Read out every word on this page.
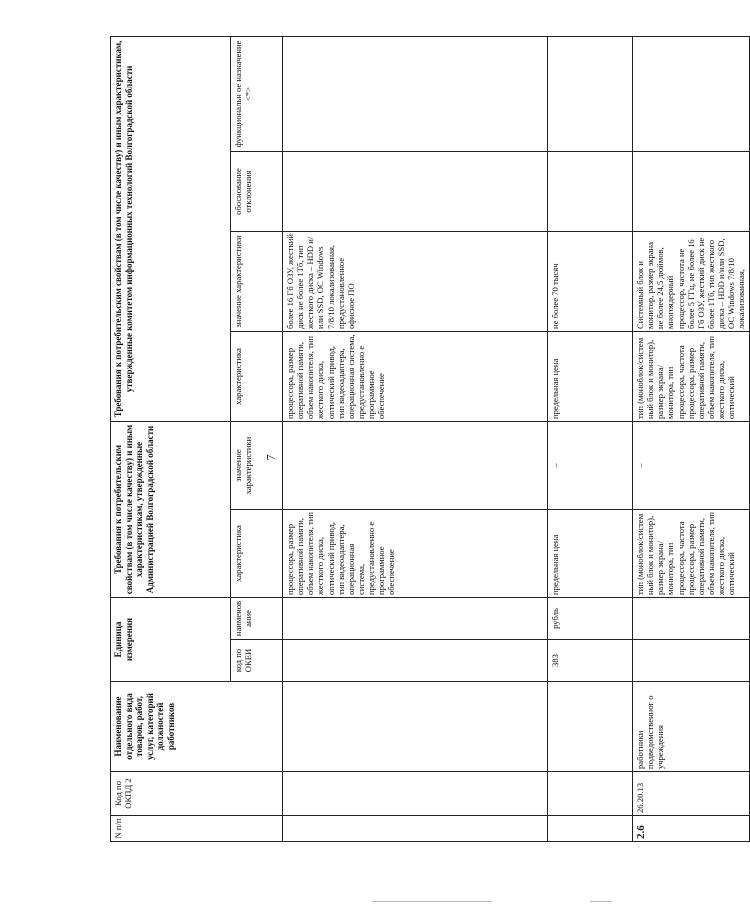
7
N п/п	Код по ОКПД 2	Наименование отдельного вида товаров, работ, услуг, категорий должностей работников	Единица измерения		Требования к потребительским свойствам (в том числе качеству) и иным характеристикам, утвержденные Администрацией Волгоградской области		Требования к потребительским свойствам (в том числе качеству) и иным характеристикам, утвержденные комитетом информационных технологий Волгоградской области			
			код по ОКЕИ	наименов ание	характеристика	значение характеристики	характеристика	значение характеристики	обоснование отклонения	функциональн ое назначение <*>
					процессора, размер оперативной памяти, объем накопителя, тип жесткого диска, оптический привод, тип видеоадаптера, операционная система, предустановленно е программное обеспечение		процессора, размер оперативной памяти, объем накопителя, тип жесткого диска, оптический привод, тип видеоадаптера, операционная система, предустановленно е программное обеспечение	более 16 Гб ОЗУ, жесткий диск не более 1Тб, тип жесткого диска – HDD и/или SSD, ОС Windows 7/8/10 локализованная, предустановленное офисное ПО		
			383	рубль	предельная цена	–	предельная цена	не более 70 тысяч		
2.6	26.20.13	работники подведомственног о учреждения			тип (моноблок/систем ный блок и монитор), размер экрана/монитора, тип процессора, частота процессора, размер оперативной памяти, объем накопителя, тип жесткого диска, оптический	–	тип (моноблок/систем ный блок и монитор), размер экрана/монитора, тип процессора, частота процессора, размер оперативной памяти, объем накопителя, тип жесткого диска, оптический	Системный блок и монитор, размер экрана не более 24,5 дюймов, многоядерный процессор, частота не более 5 ГГц, не более 16 Гб ОЗУ, жесткий диск не более 1Тб, тип жесткого диска – HDD и/или SSD, ОС Windows 7/8/10 локализованная,		
